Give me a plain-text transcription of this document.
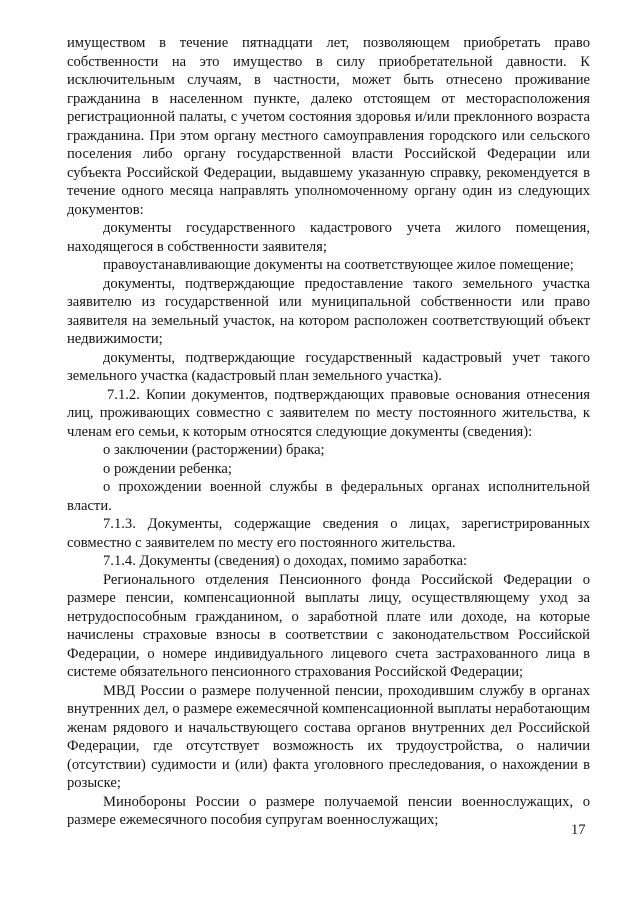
имуществом в течение пятнадцати лет, позволяющем приобретать право собственности на это имущество в силу приобретательной давности. К исключительным случаям, в частности, может быть отнесено проживание гражданина в населенном пункте, далеко отстоящем от месторасположения регистрационной палаты, с учетом состояния здоровья и/или преклонного возраста гражданина. При этом органу местного самоуправления городского или сельского поселения либо органу государственной власти Российской Федерации или субъекта Российской Федерации, выдавшему указанную справку, рекомендуется в течение одного месяца направлять уполномоченному органу один из следующих документов:

документы государственного кадастрового учета жилого помещения, находящегося в собственности заявителя;

правоустанавливающие документы на соответствующее жилое помещение;

документы, подтверждающие предоставление такого земельного участка заявителю из государственной или муниципальной собственности или право заявителя на земельный участок, на котором расположен соответствующий объект недвижимости;

документы, подтверждающие государственный кадастровый учет такого земельного участка (кадастровый план земельного участка).

7.1.2. Копии документов, подтверждающих правовые основания отнесения лиц, проживающих совместно с заявителем по месту постоянного жительства, к членам его семьи, к которым относятся следующие документы (сведения):

о заключении (расторжении) брака;

о рождении ребенка;

о прохождении военной службы в федеральных органах исполнительной власти.

7.1.3. Документы, содержащие сведения о лицах, зарегистрированных совместно с заявителем по месту его постоянного жительства.

7.1.4. Документы (сведения) о доходах, помимо заработка:

Регионального отделения Пенсионного фонда Российской Федерации о размере пенсии, компенсационной выплаты лицу, осуществляющему уход за нетрудоспособным гражданином, о заработной плате или доходе, на которые начислены страховые взносы в соответствии с законодательством Российской Федерации, о номере индивидуального лицевого счета застрахованного лица в системе обязательного пенсионного страхования Российской Федерации;

МВД России о размере полученной пенсии, проходившим службу в органах внутренних дел, о размере ежемесячной компенсационной выплаты неработающим женам рядового и начальствующего состава органов внутренних дел Российской Федерации, где отсутствует возможность их трудоустройства, о наличии (отсутствии) судимости и (или) факта уголовного преследования, о нахождении в розыске;

Минобороны России о размере получаемой пенсии военнослужащих, о размере ежемесячного пособия супругам военнослужащих;

17
